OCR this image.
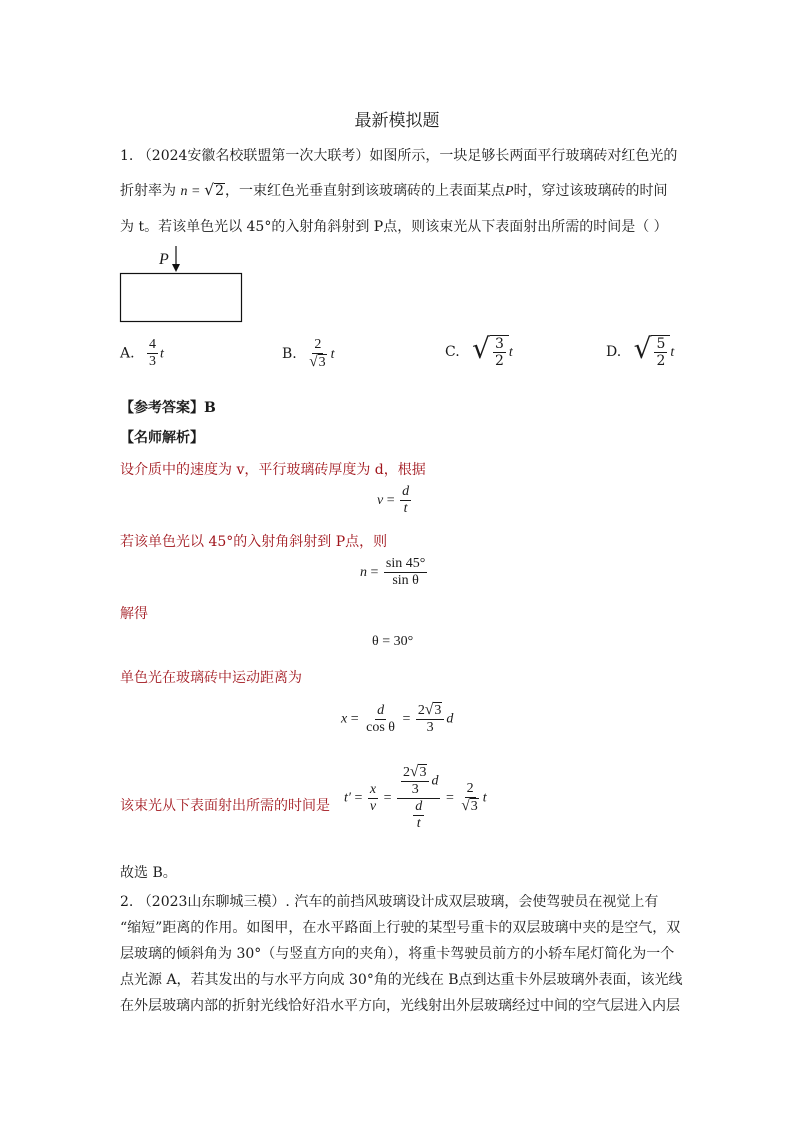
最新模拟题
1. （2024安徽名校联盟第一次大联考）如图所示，一块足够长两面平行玻璃砖对红色光的
折射率为 n = √ 2 ，一束红色光垂直射到该玻璃砖的上表面某点P时，穿过该玻璃砖的时间
为 t。若该单色光以 45°的入射角斜射到 P点，则该束光从下表面射出所需的时间是（ ）
P
A. $\frac{4}{3}$ t	B. $\frac{2}{√3}$ t	C. √ $\frac{3}{2}$ t	D. √ $\frac{5}{2}$ t
【参考答案】B
【名师解析】
设介质中的速度为 v，平行玻璃砖厚度为 d，根据
$v = \frac{d}{t}$
若该单色光以 45°的入射角斜射到 P点，则
$n = \frac{\sin 45^\circ}{\text{sin θ}}$
解得
θ = 30°
单色光在玻璃砖中运动距离为
$x = \frac{d}{\text{cos θ}} = \frac{2 √ 3}{3}$ d
该束光从下表面射出所需的时间是
$t' = \frac{x}{v} = \frac{\frac{2 √ 3}{3} d}{\frac{d}{t}} = \frac{2}{√3}$ t
故选 B。
2. （2023山东聊城三模）. 汽车的前挡风玻璃设计成双层玻璃，会使驾驶员在视觉上有
“缩短”距离的作用。如图甲，在水平路面上行驶的某型号重卡的双层玻璃中夹的是空气，双
层玻璃的倾斜角为 30°（与竖直方向的夹角），将重卡驾驶员前方的小轿车尾灯简化为一个
点光源 A，若其发出的与水平方向成 30°角的光线在 B点到达重卡外层玻璃外表面，该光线
在外层玻璃内部的折射光线恰好沿水平方向，光线射出外层玻璃经过中间的空气层进入内层
